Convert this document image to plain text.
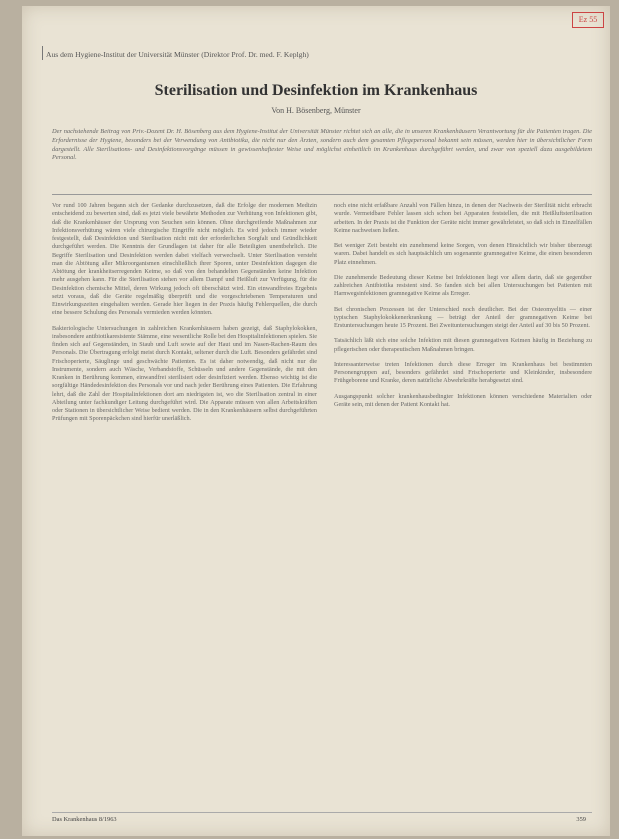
Ez 55
Aus dem Hygiene-Institut der Universität Münster (Direktor Prof. Dr. med. F. Keplgh)
Sterilisation und Desinfektion im Krankenhaus
Von H. Bösenberg, Münster
Der nachstehende Beitrag von Priv.-Dozent Dr. H. Bösenberg aus dem Hygiene-Institut der Universität Münster richtet sich an alle, die in unseren Krankenhäusern Verantwortung für die Patienten tragen. Die Erfordernisse der Hygiene, besonders bei der Verwendung von Antibiotika, die nicht nur den Ärzten, sondern auch dem gesamten Pflegepersonal bekannt sein müssen, werden hier in übersichtlicher Form dargestellt. Alle Sterilisations- und Desinfektionsvorgänge müssen in gewissenhaftester Weise und möglichst einheitlich im Krankenhaus durchgeführt werden, und zwar von speziell dazu ausgebildetem Personal.

Vor rund 100 Jahren begann sich der Gedanke durchzusetzen, daß die Erfolge der modernen Medizin entscheidend zu bewerten sind, daß es jetzt viele bewährte Methoden zur Verhütung von Infektionen gibt, daß die Krankenhäuser der Ursprung von Seuchen sein können. Ohne durchgreifende Maßnahmen zur Infektionsverhütung wären viele chirurgische Eingriffe nicht möglich. Es wird jedoch immer wieder festgestellt, daß Desinfektion und Sterilisation nicht mit der erforderlichen Sorgfalt und Gründlichkeit durchgeführt werden. Die Kenntnis der Grundlagen ist daher für alle Beteiligten unentbehrlich. Die Begriffe Sterilisation und Desinfektion werden dabei vielfach verwechselt. Unter Sterilisation versteht man die Abtötung aller Mikroorganismen einschließlich ihrer Sporen, unter Desinfektion dagegen die Abtötung der krankheitserregenden Keime, so daß von den behandelten Gegenständen keine Infektion mehr ausgehen kann. Für die Sterilisation stehen vor allem Dampf und Heißluft zur Verfügung, für die Desinfektion chemische Mittel, deren Wirkung jedoch oft überschätzt wird. Ein einwandfreies Ergebnis setzt voraus, daß die Geräte regelmäßig überprüft und die vorgeschriebenen Temperaturen und Einwirkungszeiten eingehalten werden. Gerade hier liegen in der Praxis häufig Fehlerquellen, die durch eine bessere Schulung des Personals vermieden werden könnten.

Bakteriologische Untersuchungen in zahlreichen Krankenhäusern haben gezeigt, daß Staphylokokken, insbesondere antibiotikaresistente Stämme, eine wesentliche Rolle bei den Hospitalinfektionen spielen. Sie finden sich auf Gegenständen, in Staub und Luft sowie auf der Haut und im Nasen-Rachen-Raum des Personals. Die Übertragung erfolgt meist durch Kontakt, seltener durch die Luft. Besonders gefährdet sind Frischoperierte, Säuglinge und geschwächte Patienten. Es ist daher notwendig, daß nicht nur die Instrumente, sondern auch Wäsche, Verbandstoffe, Schüsseln und andere Gegenstände, die mit den Kranken in Berührung kommen, einwandfrei sterilisiert oder desinfiziert werden. Ebenso wichtig ist die sorgfältige Händedesinfektion des Personals vor und nach jeder Berührung eines Patienten. Die Erfahrung lehrt, daß die Zahl der Hospitalinfektionen dort am niedrigsten ist, wo die Sterilisation zentral in einer Abteilung unter fachkundiger Leitung durchgeführt wird. Die Apparate müssen von allen Arbeitskräften oder Stationen in übersichtlicher Weise bedient werden. Die in den Krankenhäusern selbst durchgeführten Prüfungen mit Sporenpäckchen sind hierfür unerläßlich.

noch eine nicht erfaßbare Anzahl von Fällen hinzu, in denen der Nachweis der Sterilität nicht erbracht wurde. Vermeidbare Fehler lassen sich schon bei Apparaten feststellen, die mit Heißluftsterilisation arbeiten. In der Praxis ist die Funktion der Geräte nicht immer gewährleistet, so daß sich in Einzelfällen Keime nachweisen ließen.

Bei weniger Zeit besteht ein zunehmend keine Sorgen, von denen Hinsichtlich wir bisher überzeugt waren. Dabei handelt es sich hauptsächlich um sogenannte gramnegative Keime, die einen besonderen Platz einnehmen.

Die zunehmende Bedeutung dieser Keime bei Infektionen liegt vor allem darin, daß sie gegenüber zahlreichen Antibiotika resistent sind. So fanden sich bei allen Untersuchungen bei Patienten mit Harnwegsinfektionen gramnegative Keime als Erreger.

Bei chronischen Prozessen ist der Unterschied noch deutlicher. Bei der Osteomyelitis — einer typischen Staphylokokkenerkrankung — beträgt der Anteil der gramnegativen Keime bei Erstuntersuchungen heute 15 Prozent. Bei Zweituntersuchungen steigt der Anteil auf 30 bis 50 Prozent.

Tatsächlich läßt sich eine solche Infektion mit diesen gramnegativen Keimen häufig in Beziehung zu pflegerischen oder therapeutischen Maßnahmen bringen.

Interessanterweise treten Infektionen durch diese Erreger im Krankenhaus bei bestimmten Personengruppen auf, besonders gefährdet sind Frischoperierte und Kleinkinder, insbesondere Frühgeborene und Kranke, deren natürliche Abwehrkräfte herabgesetzt sind.

Ausgangspunkt solcher krankenhausbedingter Infektionen können verschiedene Materialien oder Geräte sein, mit denen der Patient Kontakt hat.

Das Krankenhaus 8/1963	359
